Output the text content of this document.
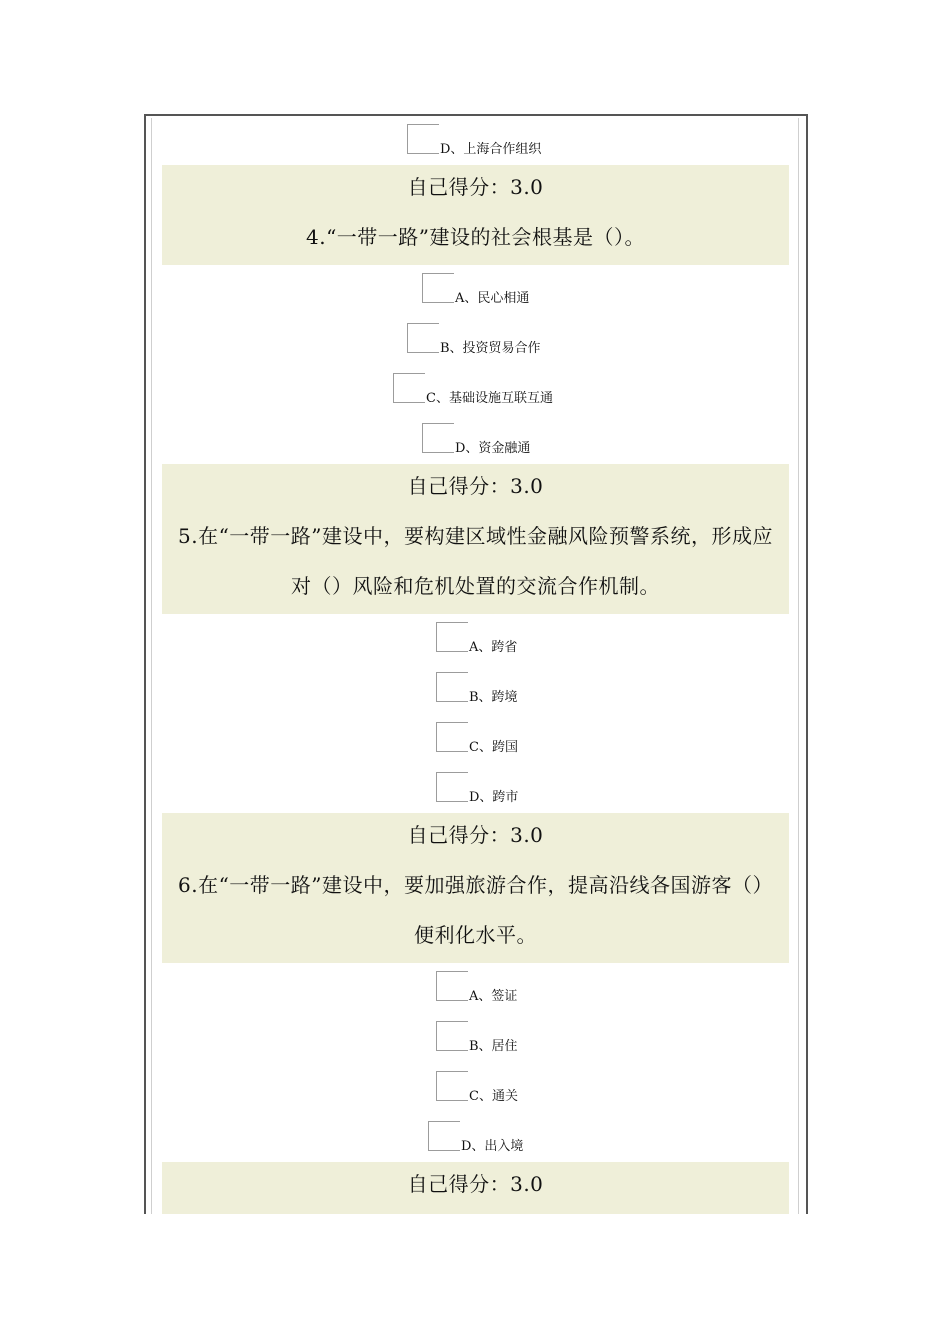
D、上海合作组织
自己得分：3.0
4.“一带一路”建设的社会根基是（）。
A、民心相通
B、投资贸易合作
C、基础设施互联互通
D、资金融通
自己得分：3.0
5.在“一带一路”建设中，要构建区域性金融风险预警系统，形成应
对（）风险和危机处置的交流合作机制。
A、跨省
B、跨境
C、跨国
D、跨市
自己得分：3.0
6.在“一带一路”建设中，要加强旅游合作，提高沿线各国游客（）
便利化水平。
A、签证
B、居住
C、通关
D、出入境
自己得分：3.0
